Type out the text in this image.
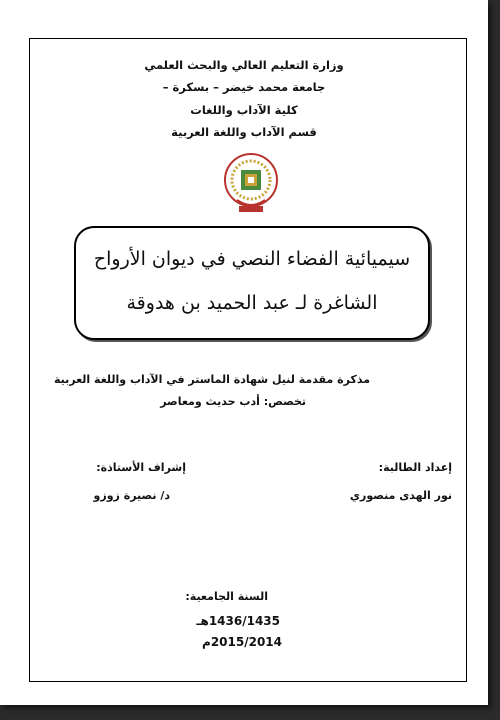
وزارة التعليم العالي والبحث العلمي
جامعة محمد خيضر – بسكرة –
كلية الآداب واللغات
قسم الآداب واللغة العربية
سيميائية الفضاء النصي في ديوان الأرواح
الشاغرة لـ عبد الحميد بن هدوقة
مذكرة مقدمة لنيل شهادة الماستر في الآداب واللغة العربية
تخصص: أدب حديث ومعاصر
إعداد الطالبة:
إشراف الأستاذة:
نور الهدى منصوري
د/ نصيرة زوزو
السنة الجامعية:
1436/1435هـ
2015/2014م
